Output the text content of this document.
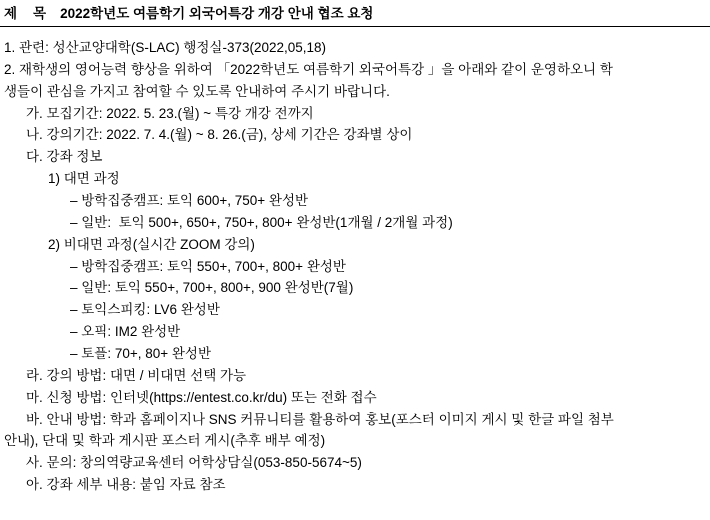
제 목 2022학년도 여름학기 외국어특강 개강 안내 협조 요청
1. 관련: 성산교양대학(S-LAC) 행정실-373(2022,05,18)
2. 재학생의 영어능력 향상을 위하여 「2022학년도 여름학기 외국어특강 」을 아래와 같이 운영하오니 학
생들이 관심을 가지고 참여할 수 있도록 안내하여 주시기 바랍니다.
가. 모집기간: 2022. 5. 23.(월) ~ 특강 개강 전까지
나. 강의기간: 2022. 7. 4.(월) ~ 8. 26.(금), 상세 기간은 강좌별 상이
다. 강좌 정보
1) 대면 과정
– 방학집중캠프: 토익 600+, 750+ 완성반
– 일반:  토익 500+, 650+, 750+, 800+ 완성반(1개월 / 2개월 과정)
2) 비대면 과정(실시간 ZOOM 강의)
– 방학집중캠프: 토익 550+, 700+, 800+ 완성반
– 일반: 토익 550+, 700+, 800+, 900 완성반(7월)
– 토익스피킹: LV6 완성반
– 오픽: IM2 완성반
– 토플: 70+, 80+ 완성반
라. 강의 방법: 대면 / 비대면 선택 가능
마. 신청 방법: 인터넷(https://entest.co.kr/du) 또는 전화 접수
바. 안내 방법: 학과 홈페이지나 SNS 커뮤니티를 활용하여 홍보(포스터 이미지 게시 및 한글 파일 첨부
안내), 단대 및 학과 게시판 포스터 게시(추후 배부 예정)
사. 문의: 창의역량교육센터 어학상담실(053-850-5674~5)
아. 강좌 세부 내용: 붙임 자료 참조
